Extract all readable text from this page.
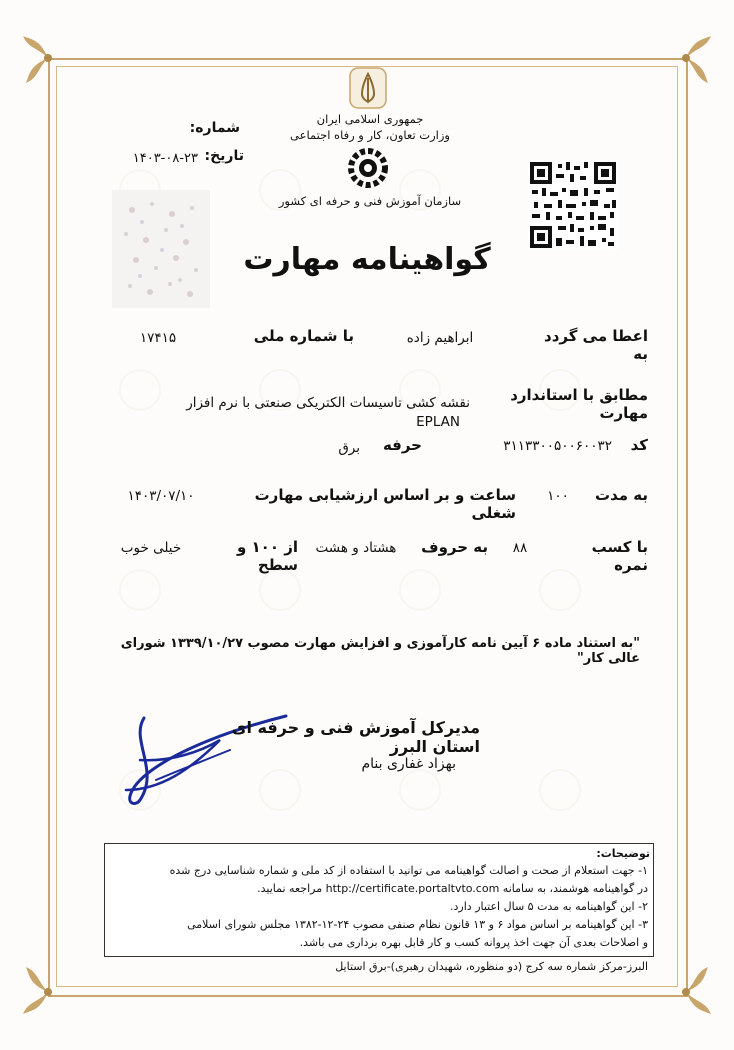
جمهوری اسلامی ایران
وزارت تعاون، کار و رفاه اجتماعی
سازمان آموزش فنی و حرفه ای کشور
شماره:
تاریخ:
۱۴۰۳-۰۸-۲۳
گواهینامه مهارت
اعطا می گردد به
ابراهیم زاده
با شماره ملی
۱۷۴۱۵
مطابق با استاندارد مهارت
نقشه کشی تاسیسات الکتریکی صنعتی با نرم افزار
EPLAN
کد
۳۱۱۳۳۰۰۵۰۰۶۰۰۳۲
حرفه
برق
به مدت
۱۰۰
ساعت و بر اساس ارزشیابی مهارت شغلی
۱۴۰۳/۰۷/۱۰
با کسب نمره
۸۸
به حروف
هشتاد و هشت
از ۱۰۰ و سطح
خیلی خوب
"به استناد ماده ۶ آیین نامه کارآموزی و افزایش مهارت مصوب ۱۳۳۹/۱۰/۲۷ شورای عالی کار"
مدیرکل آموزش فنی و حرفه ای استان البرز
بهزاد غفاری بنام
توضیحات:
۱- جهت استعلام از صحت و اصالت گواهینامه می توانید با استفاده از کد ملی و شماره شناسایی درج شده
در گواهینامه هوشمند، به سامانه http://certificate.portaltvto.com مراجعه نمایید.
۲- این گواهینامه به مدت ۵ سال اعتبار دارد.
۳- این گواهینامه بر اساس مواد ۶ و ۱۳ قانون نظام صنفی مصوب ۲۴-۱۲-۱۳۸۲ مجلس شورای اسلامی
و اصلاحات بعدی آن جهت اخذ پروانه کسب و کار قابل بهره برداری می باشد.
البرز-مرکز شماره سه کرج (دو منظوره، شهیدان رهبری)-برق استایل
